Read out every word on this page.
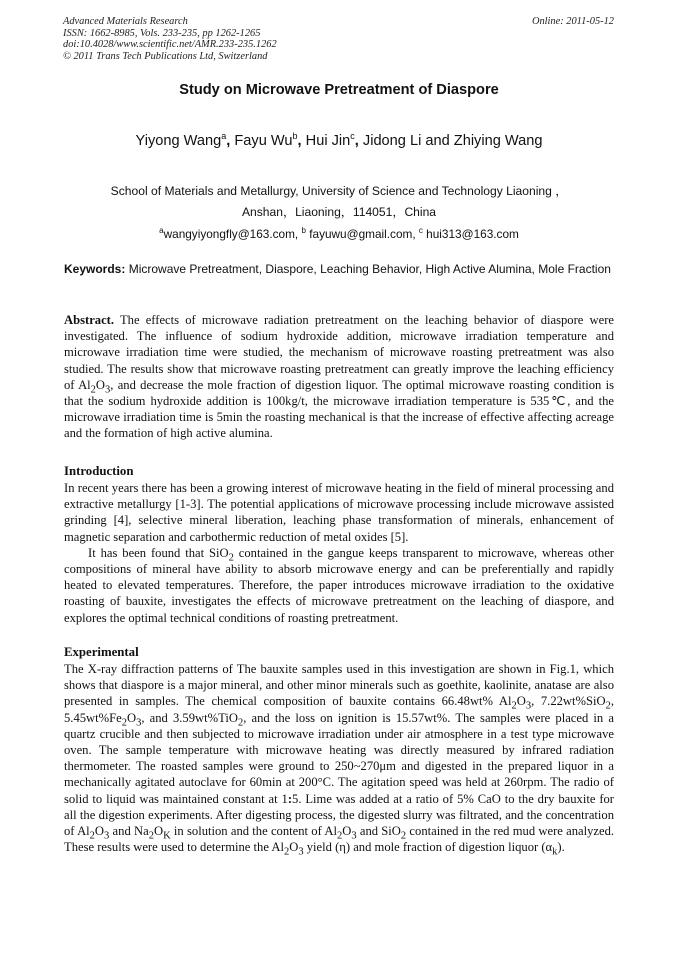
Advanced Materials Research
ISSN: 1662-8985, Vols. 233-235, pp 1262-1265
doi:10.4028/www.scientific.net/AMR.233-235.1262
© 2011 Trans Tech Publications Ltd, Switzerland
Online: 2011-05-12
Study on Microwave Pretreatment of Diaspore
Yiyong Wang$^a$, Fayu Wu$^b$, Hui Jin$^c$, Jidong Li and Zhiying Wang
School of Materials and Metallurgy, University of Science and Technology Liaoning ，
Anshan，Liaoning，114051，China
$^a$wangyiyongfly@163.com, $^b$ fayuwu@gmail.com, $^c$ hui313@163.com
Keywords: Microwave Pretreatment, Diaspore, Leaching Behavior, High Active Alumina, Mole Fraction

Abstract. The effects of microwave radiation pretreatment on the leaching behavior of diaspore were investigated. The influence of sodium hydroxide addition, microwave irradiation temperature and microwave irradiation time were studied, the mechanism of microwave roasting pretreatment was also studied. The results show that microwave roasting pretreatment can greatly improve the leaching efficiency of $Al_2O_3$, and decrease the mole fraction of digestion liquor. The optimal microwave roasting condition is that the sodium hydroxide addition is 100kg/t, the microwave irradiation temperature is 535℃, and the microwave irradiation time is 5min the roasting mechanical is that the increase of effective affecting acreage and the formation of high active alumina.

Introduction

In recent years there has been a growing interest of microwave heating in the field of mineral processing and extractive metallurgy [1-3]. The potential applications of microwave processing include microwave assisted grinding [4], selective mineral liberation, leaching phase transformation of minerals, enhancement of magnetic separation and carbothermic reduction of metal oxides [5].

It has been found that SiO$_2$ contained in the gangue keeps transparent to microwave, whereas other compositions of mineral have ability to absorb microwave energy and can be preferentially and rapidly heated to elevated temperatures. Therefore, the paper introduces microwave irradiation to the oxidative roasting of bauxite, investigates the effects of microwave pretreatment on the leaching of diaspore, and explores the optimal technical conditions of roasting pretreatment.

Experimental

The X-ray diffraction patterns of The bauxite samples used in this investigation are shown in Fig.1, which shows that diaspore is a major mineral, and other minor minerals such as goethite, kaolinite, anatase are also presented in samples. The chemical composition of bauxite contains 66.48wt% $Al_2O_3$, 7.22wt%SiO$_2$, $5.45wt\%Fe_2O_3$, and 3.59wt%TiO$_2$, and the loss on ignition is 15.57wt%. The samples were placed in a quartz crucible and then subjected to microwave irradiation under air atmosphere in a test type microwave oven. The sample temperature with microwave heating was directly measured by infrared radiation thermometer. The roasted samples were ground to 250~270μm and digested in the prepared liquor in a mechanically agitated autoclave for 60min at 200°C. The agitation speed was held at 260rpm. The radio of solid to liquid was maintained constant at 1:5. Lime was added at a ratio of 5% CaO to the dry bauxite for all the digestion experiments. After digesting process, the digested slurry was filtrated, and the concentration of $Al_2O_3$ and $Na_2O_K$ in solution and the content of $Al_2O_3$ and SiO$_2$ contained in the red mud were analyzed. These results were used to determine the $Al_2O_3$ yield (η) and mole fraction of digestion liquor $(\alpha_k)$.
